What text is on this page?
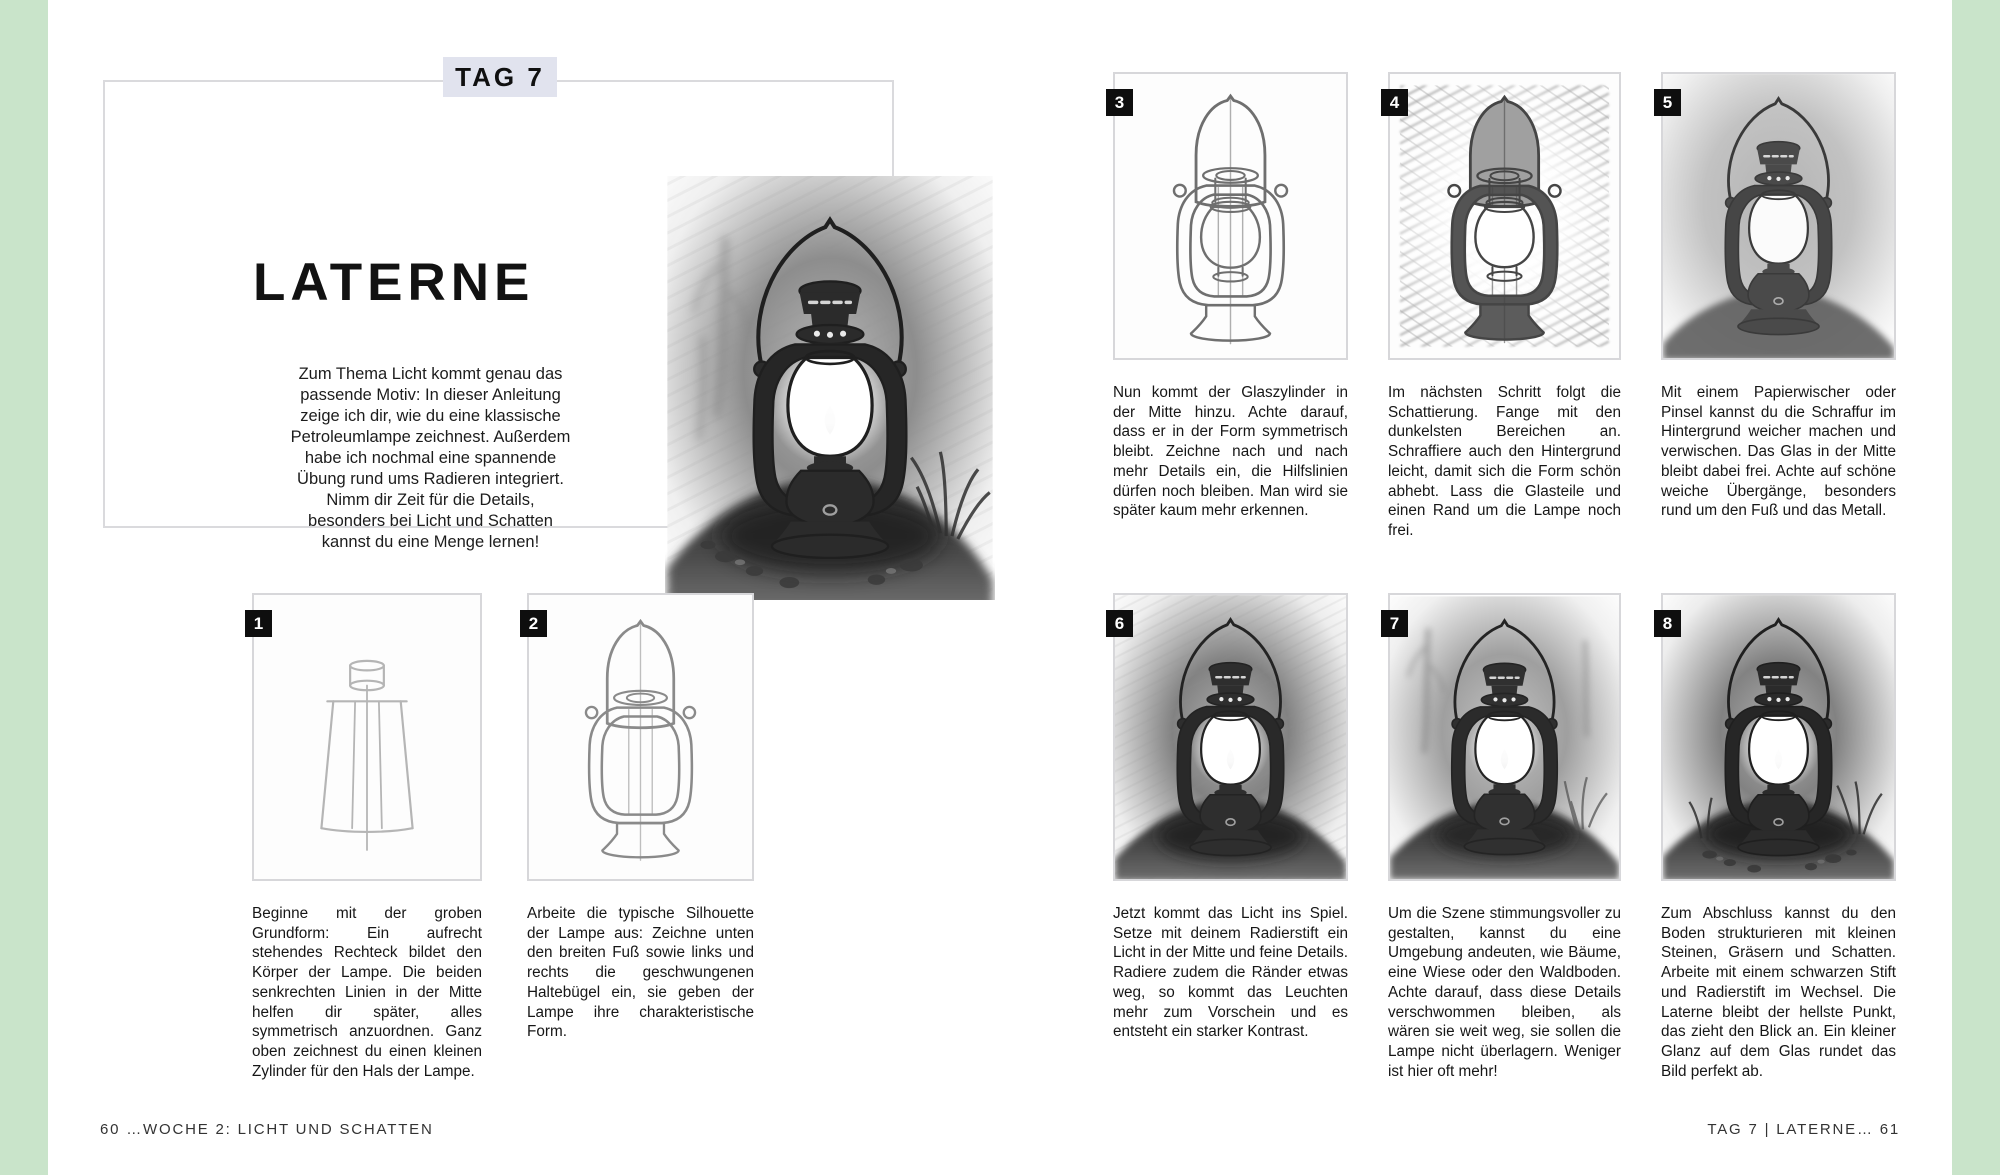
LATERNE

Zum Thema Licht kommt genau das passende Motiv: In dieser Anleitung zeige ich dir, wie du eine klassische Petroleumlampe zeichnest. Außerdem habe ich nochmal eine spannende Übung rund ums Radieren integriert. Nimm dir Zeit für die Details, besonders bei Licht und Schatten kannst du eine Menge lernen!

TAG 7
1

Beginne mit der groben Grundform: Ein aufrecht stehendes Rechteck bildet den Körper der Lampe. Die beiden senkrechten Linien in der Mitte helfen dir später, alles symmetrisch anzuordnen. Ganz oben zeichnest du einen kleinen Zylinder für den Hals der Lampe.

2

Arbeite die typische Silhouette der Lampe aus: Zeichne unten den breiten Fuß sowie links und rechts die geschwungenen Haltebügel ein, sie geben der Lampe ihre charakteristische Form.

60 …WOCHE 2: LICHT UND SCHATTEN
3

Nun kommt der Glaszylinder in der Mitte hinzu. Achte darauf, dass er in der Form symmetrisch bleibt. Zeichne nach und nach mehr Details ein, die Hilfslinien dürfen noch bleiben. Man wird sie später kaum mehr erkennen.

4

Im nächsten Schritt folgt die Schattierung. Fange mit den dunkelsten Bereichen an. Schraffiere auch den Hintergrund leicht, damit sich die Form schön abhebt. Lass die Glasteile und einen Rand um die Lampe noch frei.

5

Mit einem Papierwischer oder Pinsel kannst du die Schraffur im Hintergrund weicher machen und verwischen. Das Glas in der Mitte bleibt dabei frei. Achte auf schöne weiche Übergänge, besonders rund um den Fuß und das Metall.

6

Jetzt kommt das Licht ins Spiel. Setze mit deinem Radierstift ein Licht in der Mitte und feine Details. Radiere zudem die Ränder etwas weg, so kommt das Leuchten mehr zum Vorschein und es entsteht ein starker Kontrast.

7

Um die Szene stimmungsvoller zu gestalten, kannst du eine Umgebung andeuten, wie Bäume, eine Wiese oder den Waldboden. Achte darauf, dass diese Details verschwommen bleiben, als wären sie weit weg, sie sollen die Lampe nicht überlagern. Weniger ist hier oft mehr!

8

Zum Abschluss kannst du den Boden strukturieren mit kleinen Steinen, Gräsern und Schatten. Arbeite mit einem schwarzen Stift und Radierstift im Wechsel. Die Laterne bleibt der hellste Punkt, das zieht den Blick an. Ein kleiner Glanz auf dem Glas rundet das Bild perfekt ab.

TAG 7 | LATERNE… 61
